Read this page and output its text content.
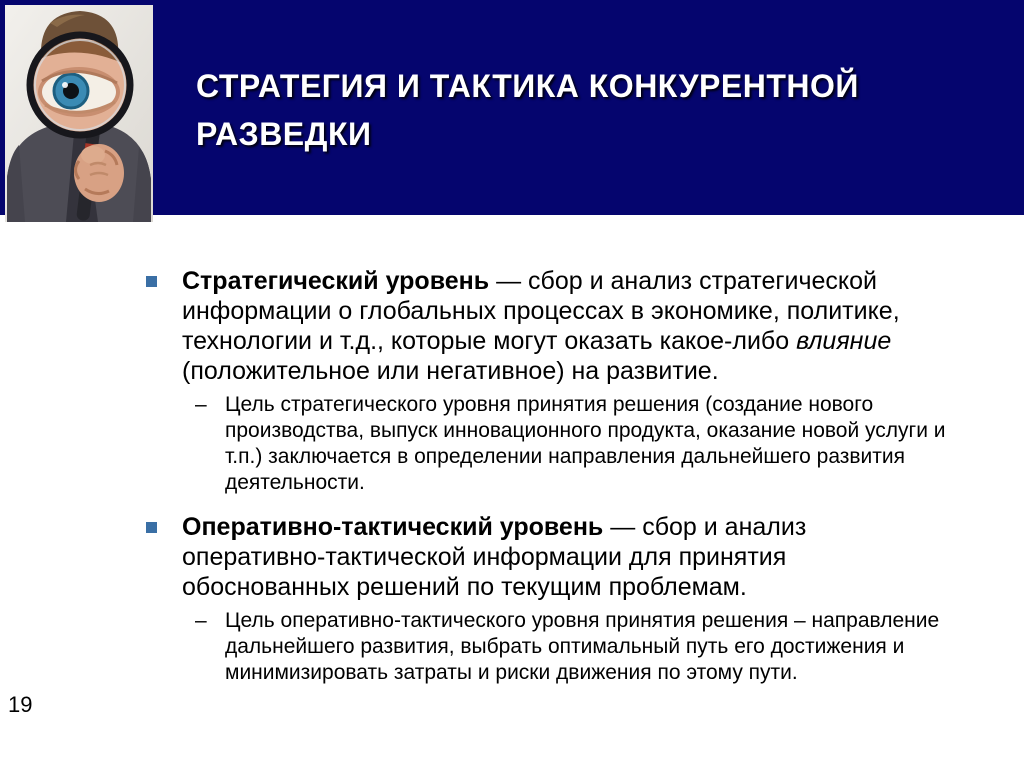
СТРАТЕГИЯ И ТАКТИКА КОНКУРЕНТНОЙ
РАЗВЕДКИ

Стратегический уровень — сбор и анализ стратегической информации о глобальных процессах в экономике, политике, технологии и т.д., которые могут оказать какое-либо влияние (положительное или негативное) на развитие.

– Цель стратегического уровня принятия решения (создание нового производства, выпуск инновационного продукта, оказание новой услуги и т.п.) заключается в определении направления дальнейшего развития деятельности.

Оперативно-тактический уровень — сбор и анализ оперативно-тактической информации для принятия обоснованных решений по текущим проблемам.

– Цель оперативно-тактического уровня принятия решения – направление дальнейшего развития, выбрать оптимальный путь его достижения и минимизировать затраты и риски движения по этому пути.

19
